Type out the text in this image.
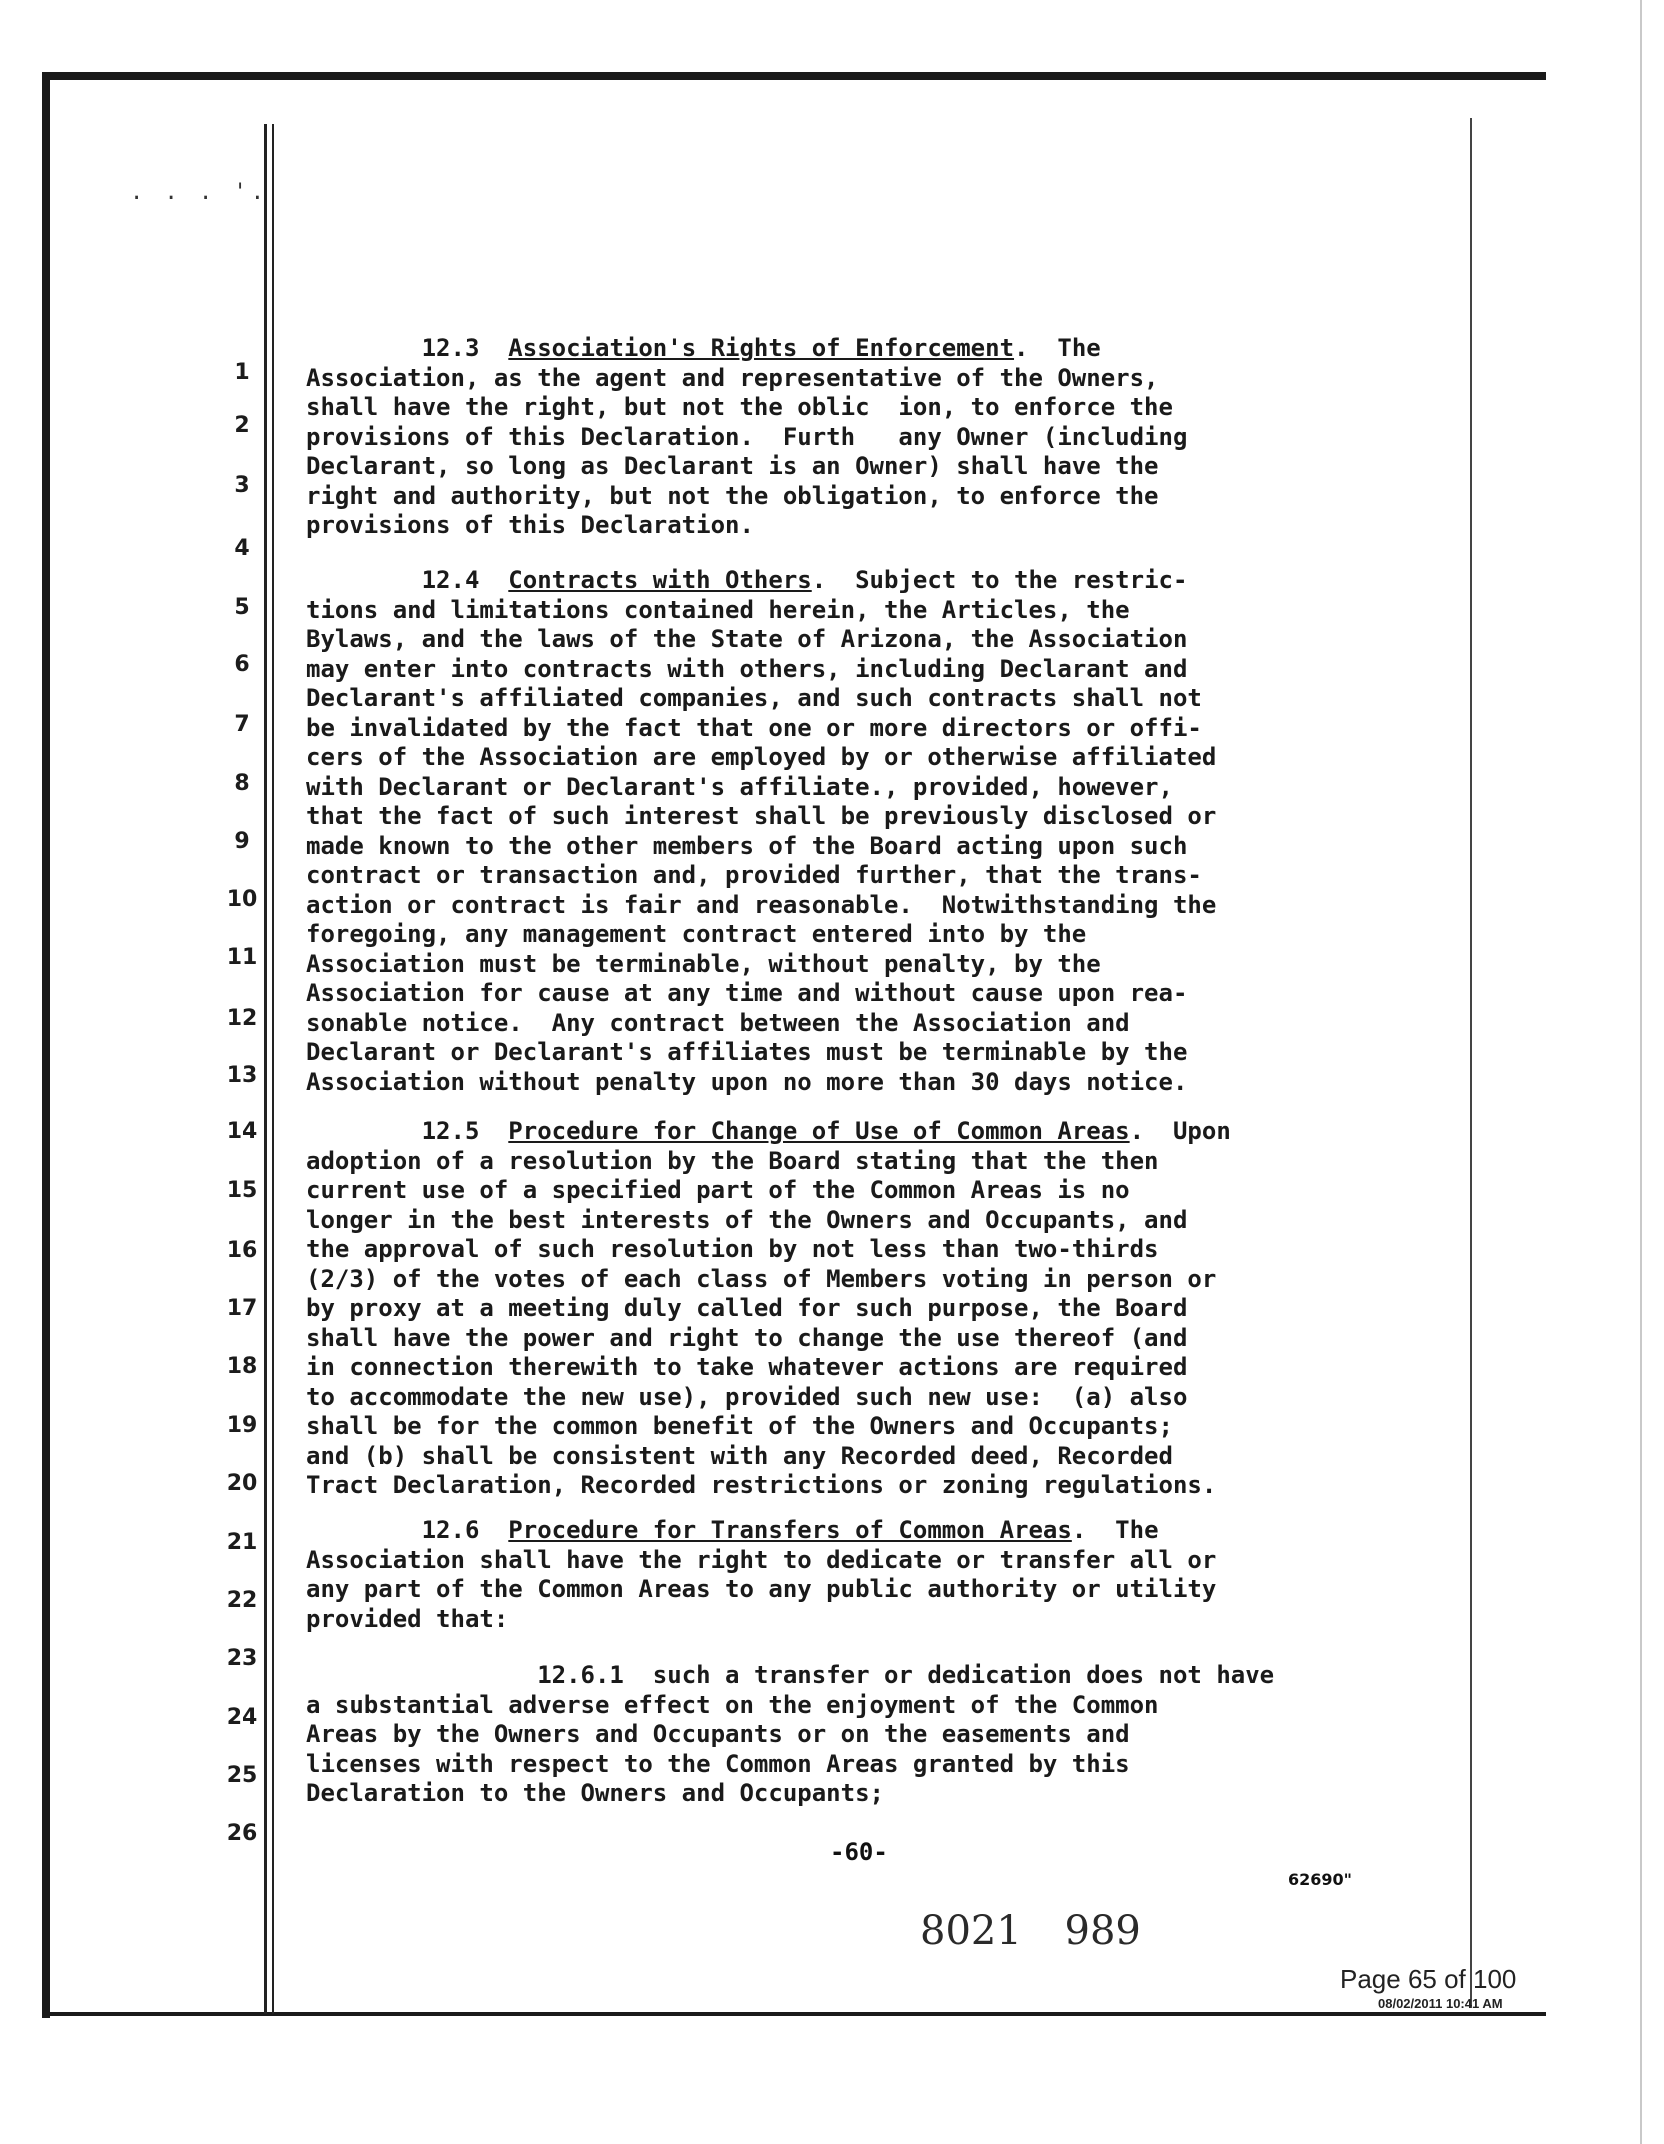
. . . '.
1
2
3
4
5
6
7
8
9
10
11
12
13
14
15
16
17
18
19
20
21
22
23
24
25
26
12.3 Association's Rights of Enforcement.  The
Association, as the agent and representative of the Owners,
shall have the right, but not the oblic  ion, to enforce the
provisions of this Declaration.  Furth   any Owner (including
Declarant, so long as Declarant is an Owner) shall have the
right and authority, but not the obligation, to enforce the
provisions of this Declaration.
12.4 Contracts with Others.  Subject to the restric-
tions and limitations contained herein, the Articles, the
Bylaws, and the laws of the State of Arizona, the Association
may enter into contracts with others, including Declarant and
Declarant's affiliated companies, and such contracts shall not
be invalidated by the fact that one or more directors or offi-
cers of the Association are employed by or otherwise affiliated
with Declarant or Declarant's affiliate., provided, however,
that the fact of such interest shall be previously disclosed or
made known to the other members of the Board acting upon such
contract or transaction and, provided further, that the trans-
action or contract is fair and reasonable.  Notwithstanding the
foregoing, any management contract entered into by the
Association must be terminable, without penalty, by the
Association for cause at any time and without cause upon rea-
sonable notice.  Any contract between the Association and
Declarant or Declarant's affiliates must be terminable by the
Association without penalty upon no more than 30 days notice.
12.5 Procedure for Change of Use of Common Areas.  Upon
adoption of a resolution by the Board stating that the then
current use of a specified part of the Common Areas is no
longer in the best interests of the Owners and Occupants, and
the approval of such resolution by not less than two-thirds
(2/3) of the votes of each class of Members voting in person or
by proxy at a meeting duly called for such purpose, the Board
shall have the power and right to change the use thereof (and
in connection therewith to take whatever actions are required
to accommodate the new use), provided such new use:  (a) also
shall be for the common benefit of the Owners and Occupants;
and (b) shall be consistent with any Recorded deed, Recorded
Tract Declaration, Recorded restrictions or zoning regulations.
12.6 Procedure for Transfers of Common Areas.  The
Association shall have the right to dedicate or transfer all or
any part of the Common Areas to any public authority or utility
provided that:
12.6.1 such a transfer or dedication does not have
a substantial adverse effect on the enjoyment of the Common
Areas by the Owners and Occupants or on the easements and
licenses with respect to the Common Areas granted by this
Declaration to the Owners and Occupants;
-60-
62690"
8021 989
Page 65 of 100
08/02/2011 10:41 AM
